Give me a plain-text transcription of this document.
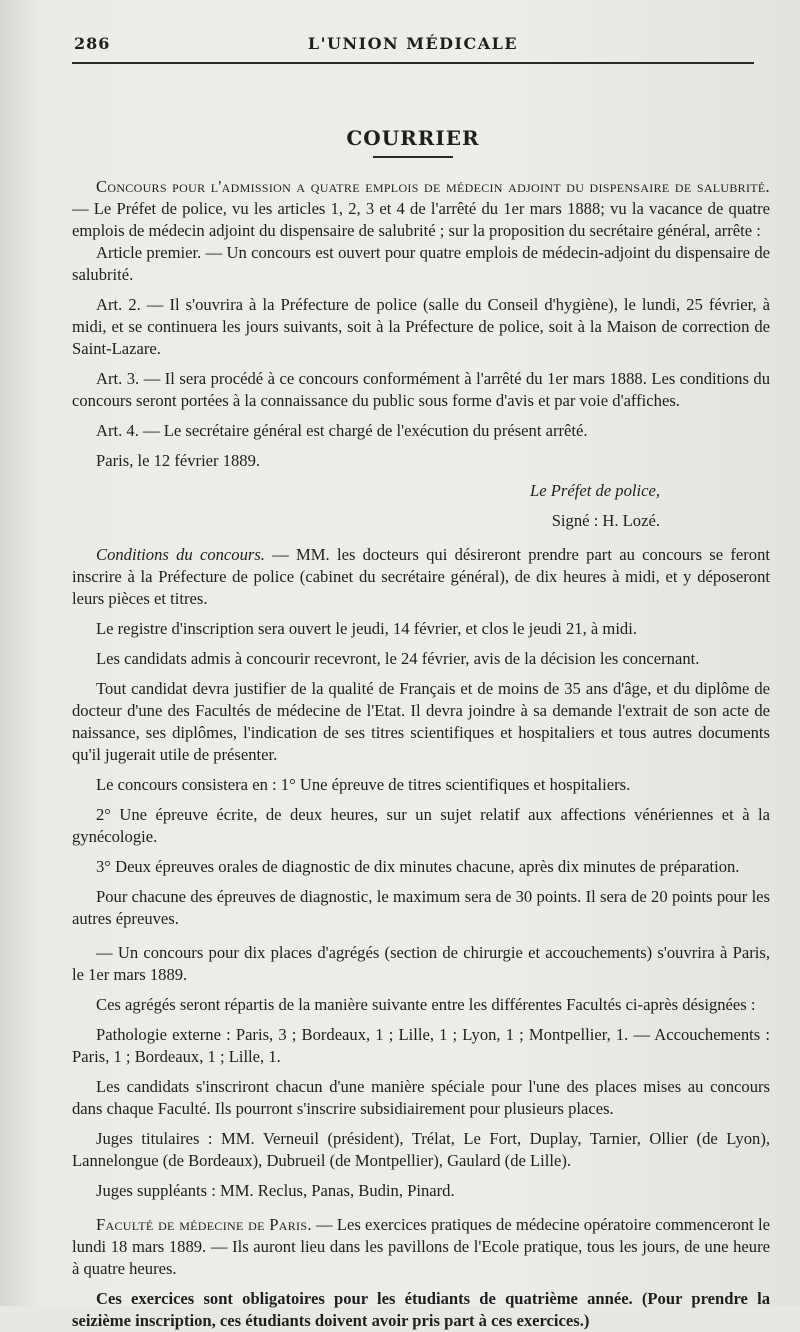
286	L'UNION MÉDICALE
COURRIER

Concours pour l'admission a quatre emplois de médecin adjoint du dispensaire de salubrité. — Le Préfet de police, vu les articles 1, 2, 3 et 4 de l'arrêté du 1er mars 1888; vu la vacance de quatre emplois de médecin adjoint du dispensaire de salubrité ; sur la proposition du secrétaire général, arrête :

Article premier. — Un concours est ouvert pour quatre emplois de médecin-adjoint du dispensaire de salubrité.

Art. 2. — Il s'ouvrira à la Préfecture de police (salle du Conseil d'hygiène), le lundi, 25 février, à midi, et se continuera les jours suivants, soit à la Préfecture de police, soit à la Maison de correction de Saint-Lazare.

Art. 3. — Il sera procédé à ce concours conformément à l'arrêté du 1er mars 1888. Les conditions du concours seront portées à la connaissance du public sous forme d'avis et par voie d'affiches.

Art. 4. — Le secrétaire général est chargé de l'exécution du présent arrêté.

Paris, le 12 février 1889.

Le Préfet de police,

Signé : H. Lozé.

Conditions du concours. — MM. les docteurs qui désireront prendre part au concours se feront inscrire à la Préfecture de police (cabinet du secrétaire général), de dix heures à midi, et y déposeront leurs pièces et titres.

Le registre d'inscription sera ouvert le jeudi, 14 février, et clos le jeudi 21, à midi.

Les candidats admis à concourir recevront, le 24 février, avis de la décision les concernant.

Tout candidat devra justifier de la qualité de Français et de moins de 35 ans d'âge, et du diplôme de docteur d'une des Facultés de médecine de l'Etat. Il devra joindre à sa demande l'extrait de son acte de naissance, ses diplômes, l'indication de ses titres scientifiques et hospitaliers et tous autres documents qu'il jugerait utile de présenter.

Le concours consistera en : 1° Une épreuve de titres scientifiques et hospitaliers.

2° Une épreuve écrite, de deux heures, sur un sujet relatif aux affections vénériennes et à la gynécologie.

3° Deux épreuves orales de diagnostic de dix minutes chacune, après dix minutes de préparation.

Pour chacune des épreuves de diagnostic, le maximum sera de 30 points. Il sera de 20 points pour les autres épreuves.

— Un concours pour dix places d'agrégés (section de chirurgie et accouchements) s'ouvrira à Paris, le 1er mars 1889.

Ces agrégés seront répartis de la manière suivante entre les différentes Facultés ci-après désignées :

Pathologie externe : Paris, 3 ; Bordeaux, 1 ; Lille, 1 ; Lyon, 1 ; Montpellier, 1. — Accouchements : Paris, 1 ; Bordeaux, 1 ; Lille, 1.

Les candidats s'inscriront chacun d'une manière spéciale pour l'une des places mises au concours dans chaque Faculté. Ils pourront s'inscrire subsidiairement pour plusieurs places.

Juges titulaires : MM. Verneuil (président), Trélat, Le Fort, Duplay, Tarnier, Ollier (de Lyon), Lannelongue (de Bordeaux), Dubrueil (de Montpellier), Gaulard (de Lille).

Juges suppléants : MM. Reclus, Panas, Budin, Pinard.

Faculté de médecine de Paris. — Les exercices pratiques de médecine opératoire commenceront le lundi 18 mars 1889. — Ils auront lieu dans les pavillons de l'Ecole pratique, tous les jours, de une heure à quatre heures.

Ces exercices sont obligatoires pour les étudiants de quatrième année. (Pour prendre la seizième inscription, ces étudiants doivent avoir pris part à ces exercices.)
